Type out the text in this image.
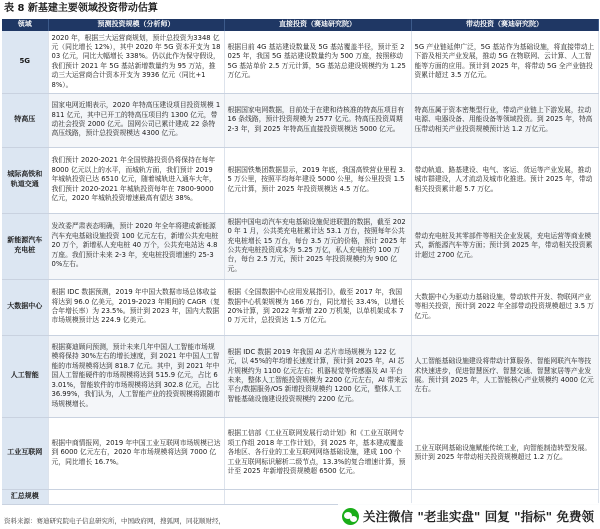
表 8 新基建主要领域投资带动估算
领域	预测投资规模（分析师）	直接投资（赛迪研究院）	带动投资（赛迪研究院）
5G	2020 年，根据三大运营商规划，预计总投资为3348 亿元（同比增长 12%），其中 2020 年 5G 资本开支为 1803 亿元，同比大幅增长 338%。仍以此作为保守假设，我们预计 2021 年 5G 基站新增数量约为 95 万站，推动三大运营商合计资本开支为 3936 亿元（同比+18%）。	根据目前 4G 基站建设数量及 5G 基站覆盖半径，预计至 2025 年，我国 5G 基站建设数量约为 500 万座，按照移动 5G 基站单价 2.5 万元计算，5G 基站总建设规模约为 1.25 万亿元。	5G 产业链延伸广泛，5G 基站作为基础设施，将直接带动上下游及相关产业发展，推动 5G 在物联网、云计算、人工智能等方面的应用。预计到 2025 年，将带动 5G 全产业链投资累计超过 3.5 万亿元。

特高压	国家电网近期表示，2020 年特高压建设项目投资规模 1811 亿元，其中已开工的特高压项目约 1300 亿元，带动社会投资 2000 亿元。国网公司已累计建成 22 条特高压线路，预计总投资规模达 4300 亿元。	根据国家电网数据，目前处于在建和待核准的特高压项目有 16 条线路，预计投资规模为 2577 亿元。特高压投资周期 2-3 年，到 2025 年特高压直接投资规模达 5000 亿元。	特高压属于资本密集型行业，带动产业链上下游发展，拉动电源、电器设备、用能设备等领域投资。到 2025 年，特高压带动相关产业投资规模预计达 1.2 万亿元。

城际高铁和轨道交通	我们预计 2020-2021 年全国铁路投资仍将保持在每年 8000 亿元以上的水平，而城轨方面，我们预计 2019 年城轨投资已达 6510 亿元，随着城轨进入通车大年，我们预计 2020-2021 年城轨投资每年在 7800-9000 亿元，2020 年城轨投资增速最高有望达 38%。	根据国铁集团数据显示，2019 年底，我国高铁营业里程 3.5 万公里，按照平均每年建设 5000 公里，每公里投资 1.5 亿元计算，预计 2025 年投资规模达 4.5 万亿。	带动轨道、路基建设、电气、客运、货运等产业发展，推动城市群建设，人才流动及城市化推进。预计 2025 年，带动相关投资累计超 5.7 万亿。

新能源汽车充电桩	发改委严肃表态明确，预计 2020 年全年将建成新能源汽车充电基础设施投资 100 亿元左右，新增公共充电桩 20 万个，新增私人充电桩 40 万个，公共充电站达 4.8 万座。我们预计未来 2-3 年，充电桩投资增速约 25-30%左右。	根据中国电动汽车充电基础设施促进联盟的数据，截至 2020 年 1 月，公共类充电桩累计达 53.1 万台，按照每年公共充电桩增长 15 万台，每台 3.5 万元的价格，预计 2025 年公共充电桩投资成本为 5.25 万亿，私人充电桩约 100 万台，每台 2.5 万元，预计 2025 年投资规模约为 900 亿元。	带动充电桩及其零部件等相关企业发展，充电运营等商业模式，新能源汽车等方面；预计到 2025 年，带动相关投资累计超过 2700 亿元。

大数据中心	根据 IDC 数据预测，2019 年中国大数据市场总体收益将达到 96.0 亿美元，2019-2023 年期间的 CAGR（复合年增长率）为 23.5%。预计到 2023 年，国内大数据市场规模预计达 224.9 亿美元。	根据《全国数据中心应用发展指引》，截至 2017 年，我国数据中心机架规模为 166 万台，同比增长 33.4%，以增长 20%计算，到 2022 年新增 220 万机架，以单机架成本 70 万元计，总投资达 1.5 万亿元。	大数据中心为驱动力基础设施，带动软件开发、物联网产业等相关投资，预计到 2022 年全部带动投资规模超过 3.5 万亿元。

人工智能	根据赛迪顾问预测，预计未来几年中国人工智能市场规模将保持 30%左右的增长速度，到 2021 年中国人工智能的市场规模将达到 818.7 亿元。其中，到 2021 年中国人工智能硬件的市场规模将达到 515.9 亿元，占比 63.01%，智能软件的市场规模将达到 302.8 亿元，占比 36.99%，我们认为，人工智能产业的投资规模将跟随市场规模增长。	根据 IDC 数据 2019 年我国 AI 芯片市场规模为 122 亿元，以 45%的年均增长速度计算，预计到 2025 年，AI 芯片规模约为 1100 亿元左右；机器视觉等传感器及 AI 平台未来，整体人工智能投资规模为 2200 亿元左右，AI 带来云平台/数据服务/OS 新增投资规模约 1200 亿元，整体人工智能基础设施建设投资规模约 2200 亿元。	人工智能基础设施建设将带动计算服务、智能网联汽车等技术快速进步，促进智慧医疗、智慧交通、智慧家居等产业发展。预计到 2025 年，人工智能核心产业规模约 4000 亿元左右。

工业互联网	根据中商情报网，2019 年中国工业互联网市场规模已达到 6000 亿元左右，2020 年市场规模将达到 7000 亿元，同比增长 16.7%。	根据工信部《工业互联网发展行动计划》和《工业互联网专项工作组 2018 年工作计划》，到 2025 年，基本建成覆盖各地区、各行业的工业互联网网络基础设施，建成 100 个工业互联网标识解析二级节点，13.3%的复合增速计算，预计至 2025 年新增投资规模超 6500 亿元。	工业互联网基础设施赋能传统工业，向智能制造转型发展。预计到 2025 年带动相关投资规模超过 1.2 万亿。

汇总规模			
资料来源：赛迪研究院电子信息研究所，中国政府网，搜狐网，同花顺财经，	关注微信 "老韭实盘" 回复 "指标" 免费领
